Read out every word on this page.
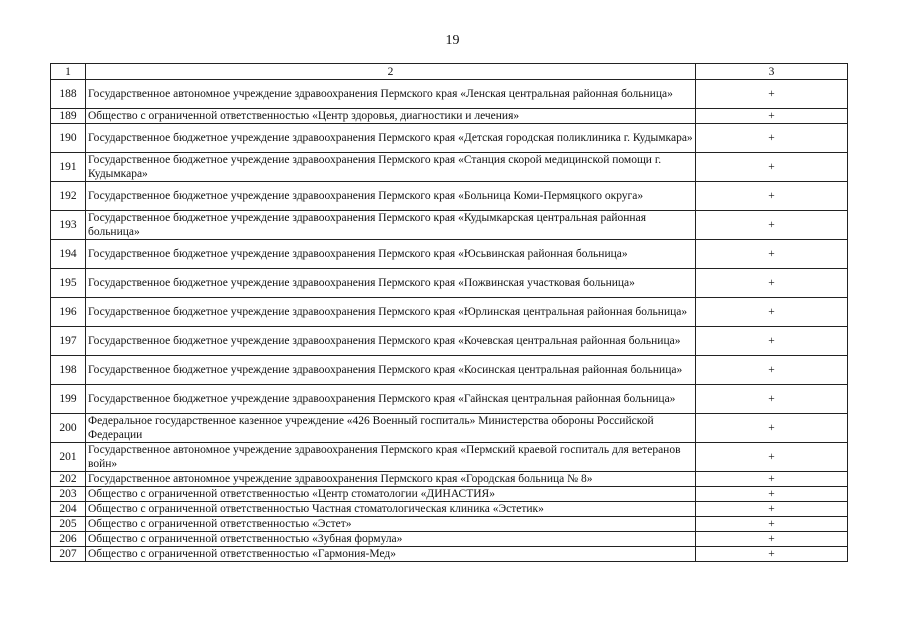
19
1	2	3
188	Государственное автономное учреждение здравоохранения Пермского края «Ленская центральная районная больница»	+
189	Общество с ограниченной ответственностью «Центр здоровья, диагностики и лечения»	+
190	Государственное бюджетное учреждение здравоохранения Пермского края «Детская городская поликлиника г. Кудымкара»	+
191	Государственное бюджетное учреждение здравоохранения Пермского края «Станция скорой медицинской помощи г. Кудымкара»	+
192	Государственное бюджетное учреждение здравоохранения Пермского края «Больница Коми-Пермяцкого округа»	+
193	Государственное бюджетное учреждение здравоохранения Пермского края «Кудымкарская центральная районная больница»	+
194	Государственное бюджетное учреждение здравоохранения Пермского края «Юсьвинская районная больница»	+
195	Государственное бюджетное учреждение здравоохранения Пермского края «Пожвинская участковая больница»	+
196	Государственное бюджетное учреждение здравоохранения Пермского края «Юрлинская центральная районная больница»	+
197	Государственное бюджетное учреждение здравоохранения Пермского края «Кочевская центральная районная больница»	+
198	Государственное бюджетное учреждение здравоохранения Пермского края «Косинская центральная районная больница»	+
199	Государственное бюджетное учреждение здравоохранения Пермского края «Гайнская центральная районная больница»	+
200	Федеральное государственное казенное учреждение «426 Военный госпиталь» Министерства обороны Российской Федерации	+
201	Государственное автономное учреждение здравоохранения Пермского края «Пермский краевой госпиталь для ветеранов войн»	+
202	Государственное автономное учреждение здравоохранения Пермского края «Городская больница № 8»	+
203	Общество с ограниченной ответственностью «Центр стоматологии «ДИНАСТИЯ»	+
204	Общество с ограниченной ответственностью Частная стоматологическая клиника «Эстетик»	+
205	Общество с ограниченной ответственностью «Эстет»	+
206	Общество с ограниченной ответственностью «Зубная формула»	+
207	Общество с ограниченной ответственностью «Гармония-Мед»	+
